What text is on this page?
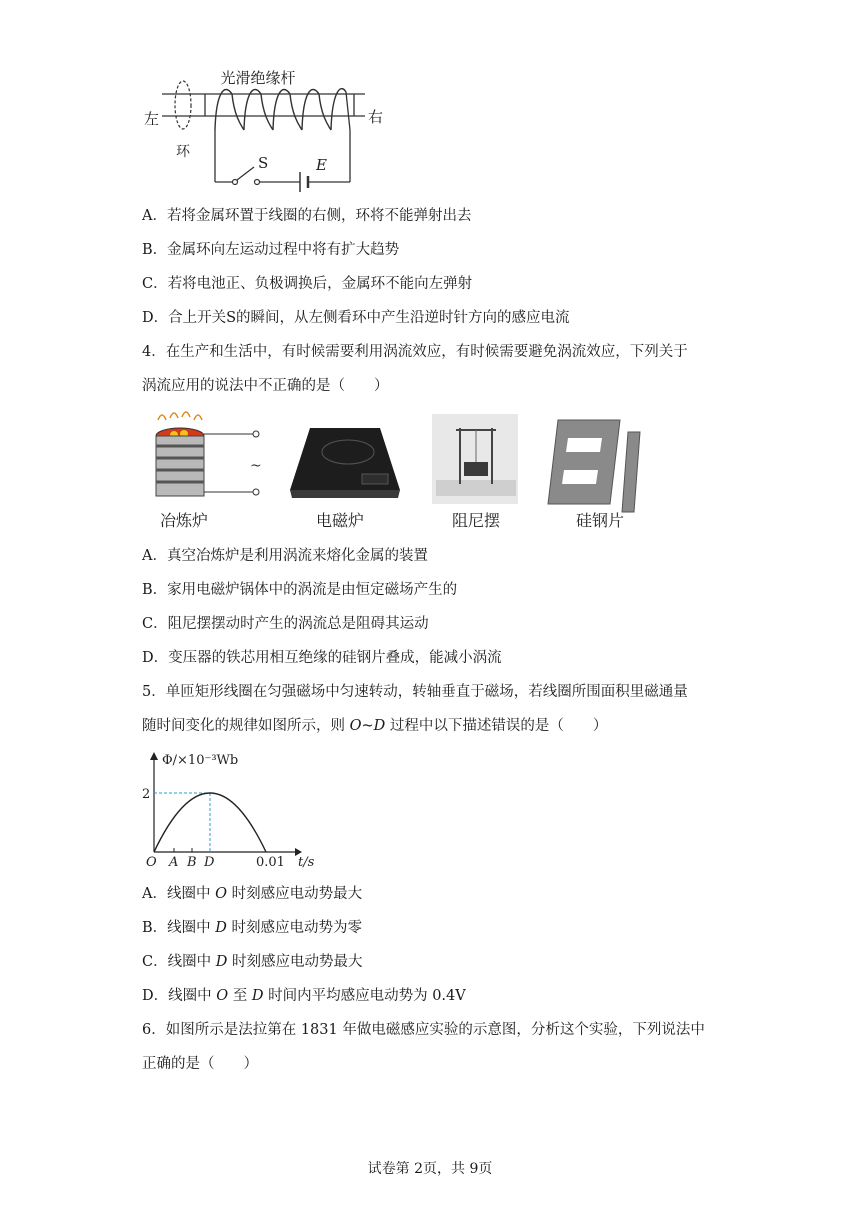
光滑绝缘杆
左	右
环
S	E
A．若将金属环置于线圈的右侧，环将不能弹射出去
B．金属环向左运动过程中将有扩大趋势
C．若将电池正、负极调换后，金属环不能向左弹射
D．合上开关S的瞬间，从左侧看环中产生沿逆时针方向的感应电流
4．在生产和生活中，有时候需要利用涡流效应，有时候需要避免涡流效应，下列关于
涡流应用的说法中不正确的是（　　）
~
冶炼炉	电磁炉	阻尼摆	硅钢片
A．真空冶炼炉是利用涡流来熔化金属的装置
B．家用电磁炉锅体中的涡流是由恒定磁场产生的
C．阻尼摆摆动时产生的涡流总是阻碍其运动
D．变压器的铁芯用相互绝缘的硅钢片叠成，能减小涡流
5．单匝矩形线圈在匀强磁场中匀速转动，转轴垂直于磁场，若线圈所围面积里磁通量
随时间变化的规律如图所示，则 O~D 过程中以下描述错误的是（　　）
Φ/×10⁻³Wb
2
O A B D	0.01 t/s
A．线圈中 O 时刻感应电动势最大
B．线圈中 D 时刻感应电动势为零
C．线圈中 D 时刻感应电动势最大
D．线圈中 O 至 D 时间内平均感应电动势为 0.4V
6．如图所示是法拉第在 1831 年做电磁感应实验的示意图，分析这个实验，下列说法中
正确的是（　　）
试卷第 2页，共 9页
